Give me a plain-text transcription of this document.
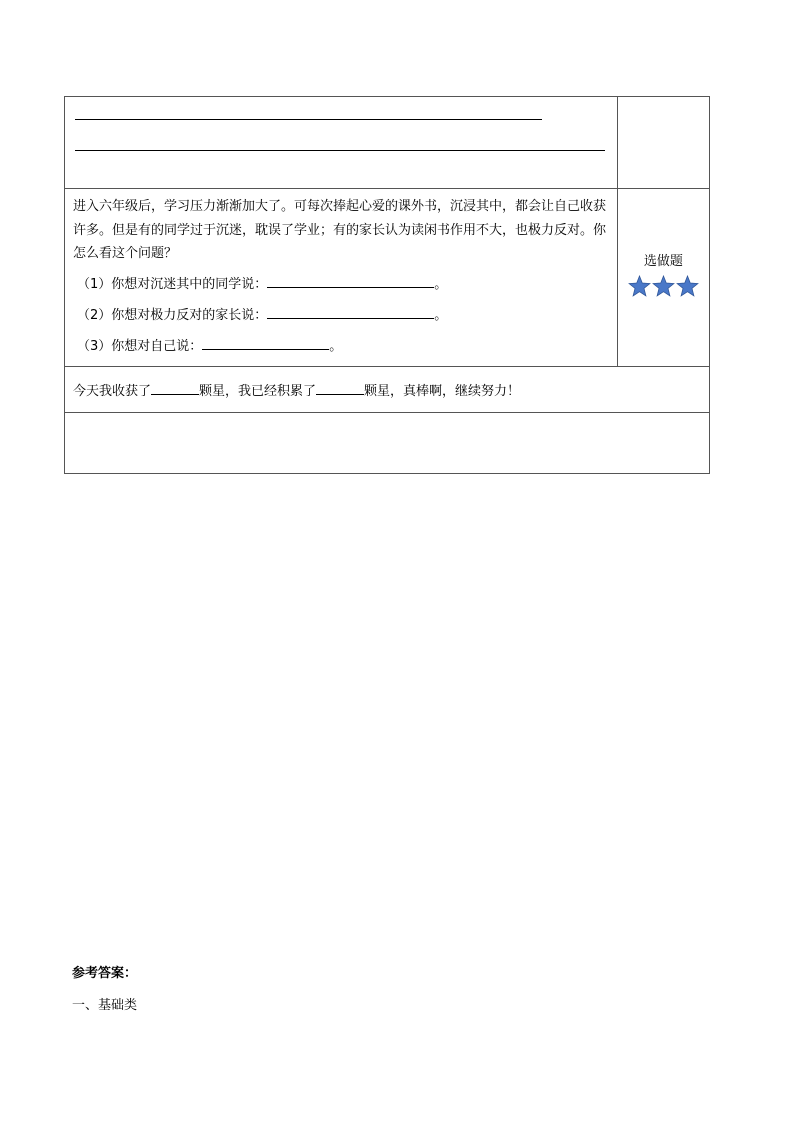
进入六年级后，学习压力渐渐加大了。可每次捧起心爱的课外书，沉浸其中，都会让自己收获许多。但是有的同学过于沉迷，耽误了学业；有的家长认为读闲书作用不大，也极力反对。你怎么看这个问题？

（1）你想对沉迷其中的同学说： 。

（2）你想对极力反对的家长说： 。

（3）你想对自己说： 。	选做题

今天我收获了 颗星，我已经积累了 颗星，真棒啊，继续努力！	

参考答案：
一、基础类
